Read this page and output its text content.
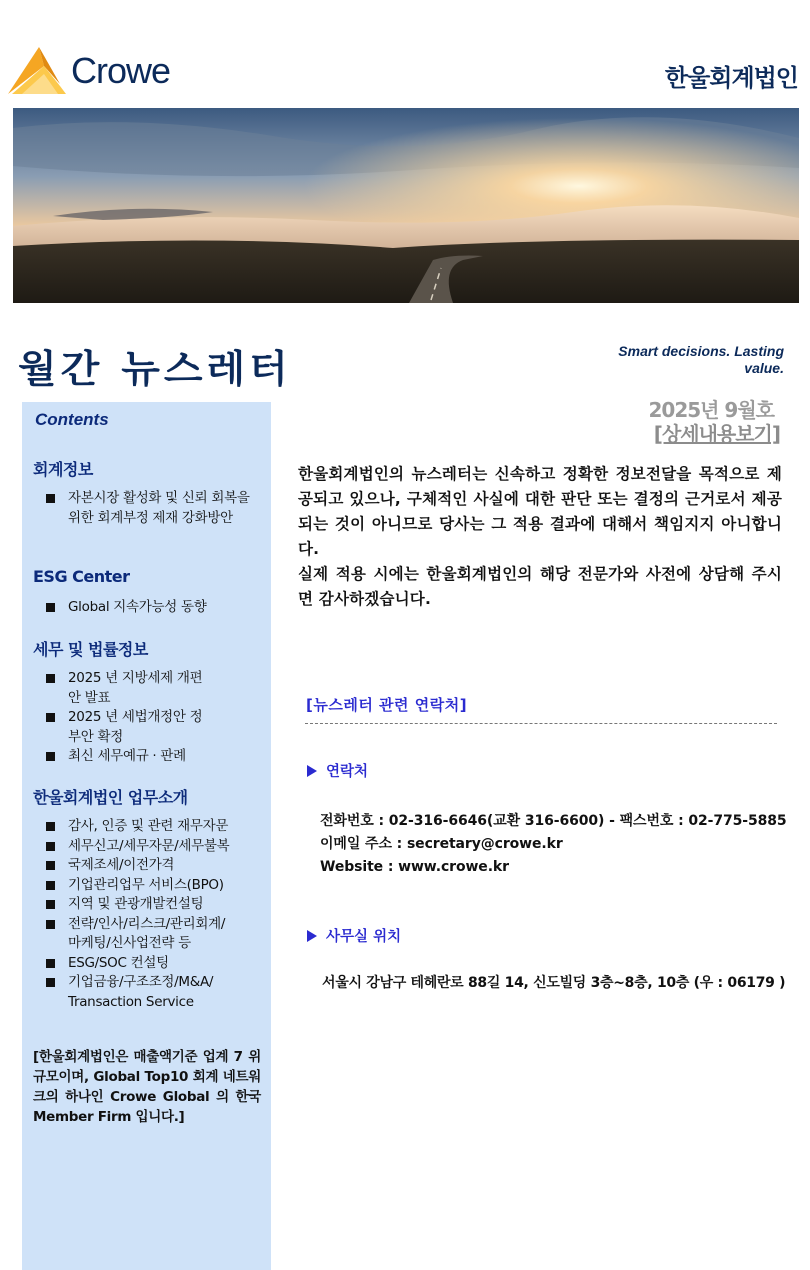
Crowe	한울회계법인
월간 뉴스레터	Smart decisions. Lasting value.
2025년 9월호
[상세내용보기]
Contents
회계정보
자본시장 활성화 및 신뢰 회복을 위한 회계부정 제재 강화방안
ESG Center
Global 지속가능성 동향
세무 및 법률정보
2025 년 지방세제 개편안 발표
2025 년 세법개정안 정부안 확정
최신 세무예규 · 판례
한울회계법인 업무소개
감사, 인증 및 관련 재무자문
세무신고/세무자문/세무불복
국제조세/이전가격
기업관리업무 서비스(BPO)
지역 및 관광개발컨설팅
전략/인사/리스크/관리회계/ 마케팅/신사업전략 등
ESG/SOC 컨설팅
기업금융/구조조정/M&A/ Transaction Service
[한울회계법인은 매출액기준 업계 7 위 규모이며, Global Top10 회계 네트워크의 하나인 Crowe Global 의 한국 Member Firm 입니다.]

한울회계법인의 뉴스레터는 신속하고 정확한 정보전달을 목적으로 제공되고 있으나, 구체적인 사실에 대한 판단 또는 결정의 근거로서 제공되는 것이 아니므로 당사는 그 적용 결과에 대해서 책임지지 아니합니다.

실제 적용 시에는 한울회계법인의 해당 전문가와 사전에 상담해 주시면 감사하겠습니다.

[뉴스레터 관련 연락처]
연락처
전화번호 : 02-316-6646(교환 316-6600) - 팩스번호 : 02-775-5885
이메일 주소 : secretary@crowe.kr
Website : www.crowe.kr
사무실 위치
서울시 강남구 테헤란로 88길 14, 신도빌딩 3층~8층, 10층 (우 : 06179 )
